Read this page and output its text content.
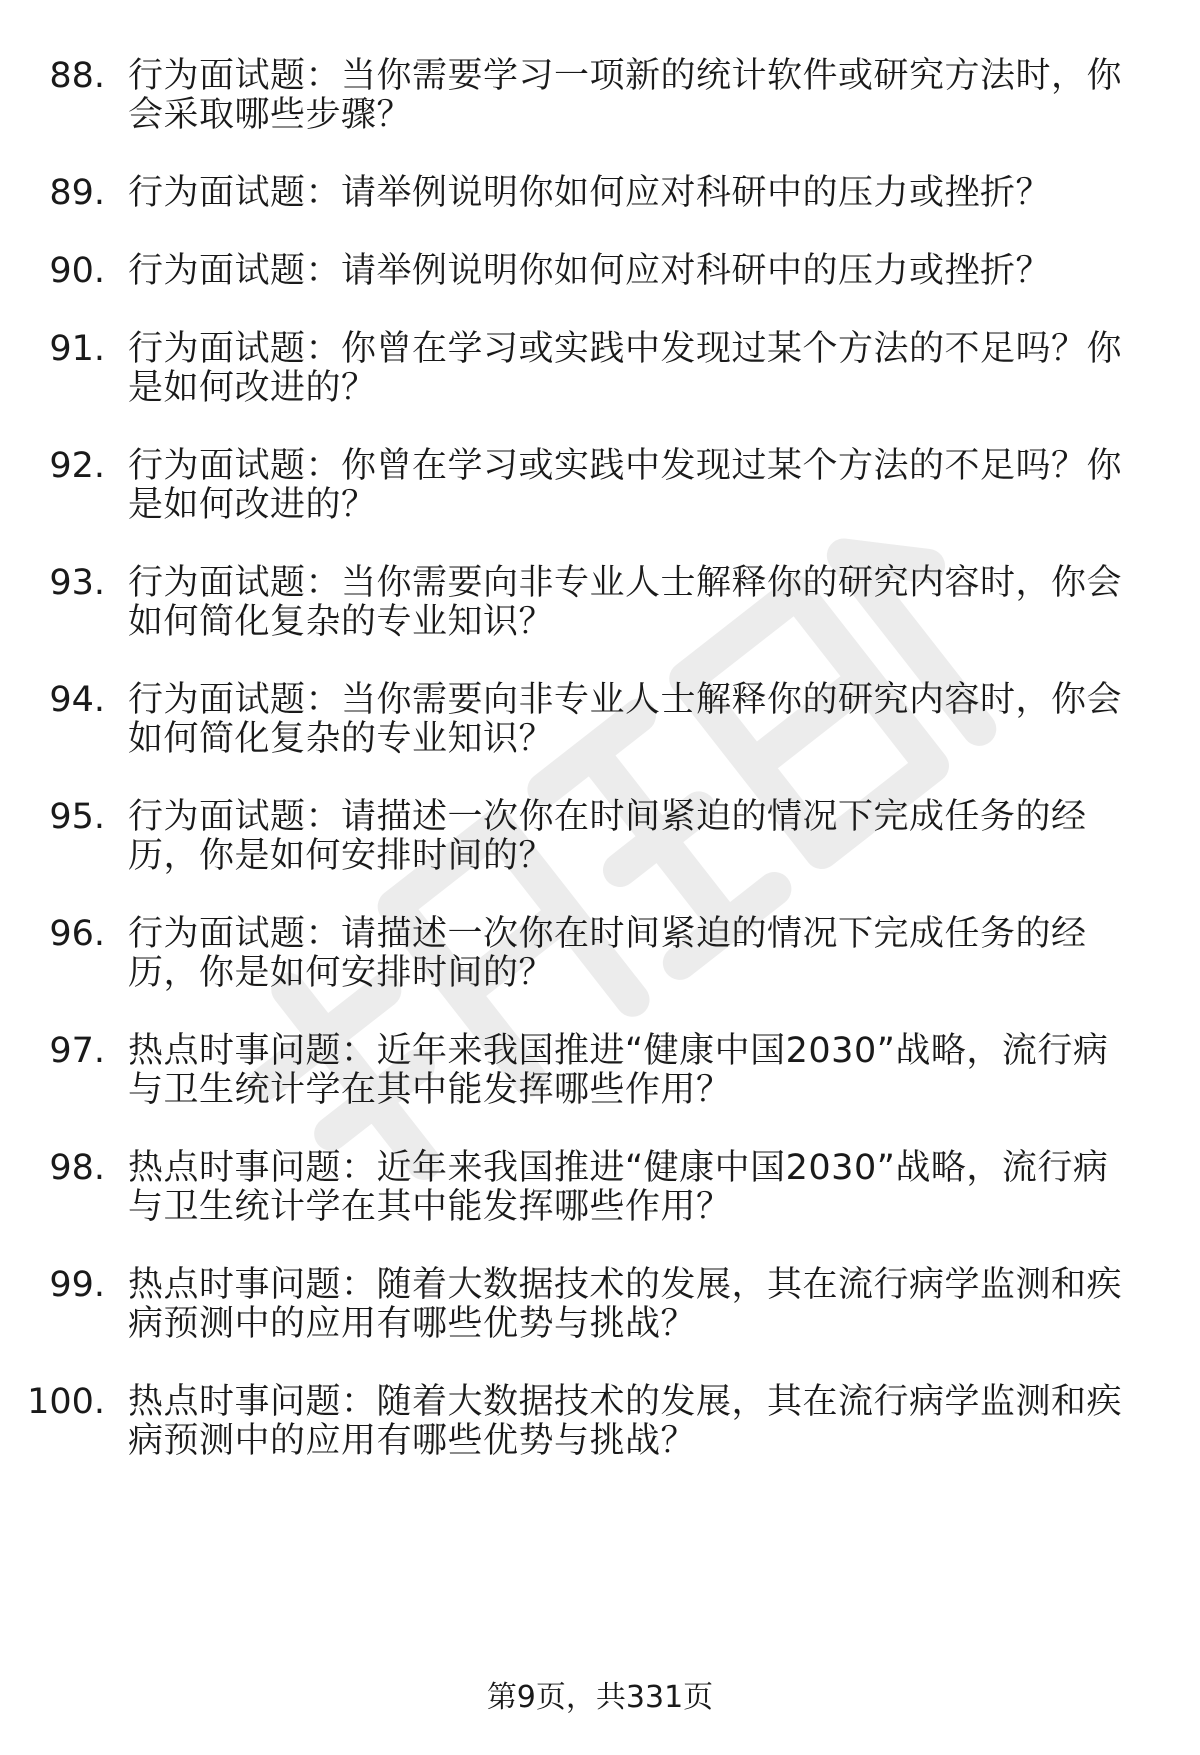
88. 行为面试题：当你需要学习一项新的统计软件或研究方法时，你
会采取哪些步骤？
89. 行为面试题：请举例说明你如何应对科研中的压力或挫折？
90. 行为面试题：请举例说明你如何应对科研中的压力或挫折？
91. 行为面试题：你曾在学习或实践中发现过某个方法的不足吗？你
是如何改进的？
92. 行为面试题：你曾在学习或实践中发现过某个方法的不足吗？你
是如何改进的？
93. 行为面试题：当你需要向非专业人士解释你的研究内容时，你会
如何简化复杂的专业知识？
94. 行为面试题：当你需要向非专业人士解释你的研究内容时，你会
如何简化复杂的专业知识？
95. 行为面试题：请描述一次你在时间紧迫的情况下完成任务的经
历，你是如何安排时间的？
96. 行为面试题：请描述一次你在时间紧迫的情况下完成任务的经
历，你是如何安排时间的？
97. 热点时事问题：近年来我国推进“健康中国2030”战略，流行病
与卫生统计学在其中能发挥哪些作用？
98. 热点时事问题：近年来我国推进“健康中国2030”战略，流行病
与卫生统计学在其中能发挥哪些作用？
99. 热点时事问题：随着大数据技术的发展，其在流行病学监测和疾
病预测中的应用有哪些优势与挑战？
100. 热点时事问题：随着大数据技术的发展，其在流行病学监测和疾
病预测中的应用有哪些优势与挑战？
第9页，共331页
